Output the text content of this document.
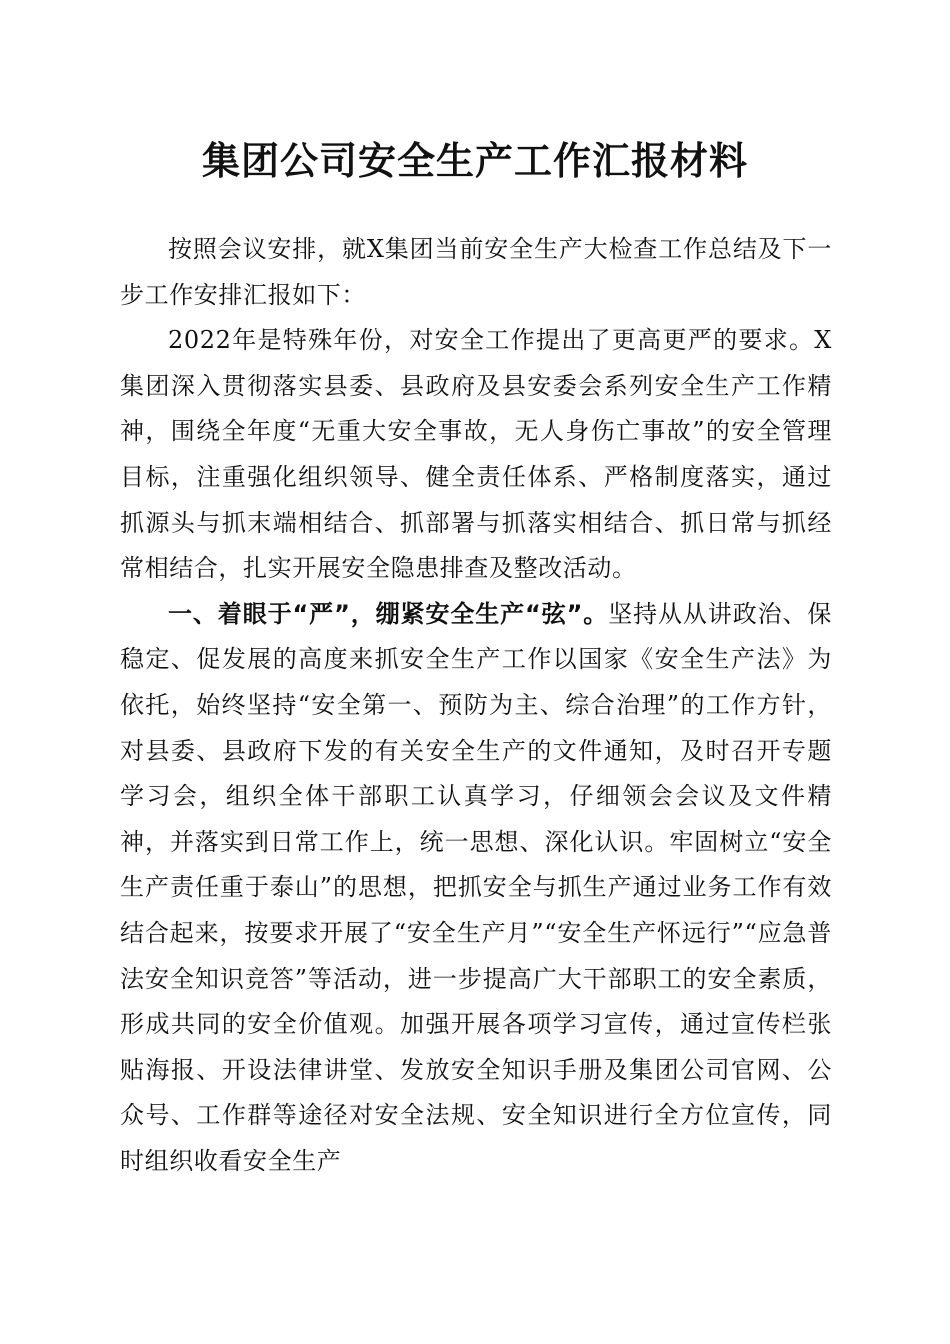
集团公司安全生产工作汇报材料

按照会议安排，就X集团当前安全生产大检查工作总结及下一步工作安排汇报如下：

2022年是特殊年份，对安全工作提出了更高更严的要求。X集团深入贯彻落实县委、县政府及县安委会系列安全生产工作精神，围绕全年度“无重大安全事故，无人身伤亡事故”的安全管理目标，注重强化组织领导、健全责任体系、严格制度落实，通过抓源头与抓末端相结合、抓部署与抓落实相结合、抓日常与抓经常相结合，扎实开展安全隐患排查及整改活动。

一、着眼于“严”，绷紧安全生产“弦”。坚持从从讲政治、保稳定、促发展的高度来抓安全生产工作以国家《安全生产法》为依托，始终坚持“安全第一、预防为主、综合治理”的工作方针，对县委、县政府下发的有关安全生产的文件通知，及时召开专题学习会，组织全体干部职工认真学习，仔细领会会议及文件精神，并落实到日常工作上，统一思想、深化认识。牢固树立“安全生产责任重于泰山”的思想，把抓安全与抓生产通过业务工作有效结合起来，按要求开展了“安全生产月”“安全生产怀远行”“应急普法安全知识竞答”等活动，进一步提高广大干部职工的安全素质，形成共同的安全价值观。加强开展各项学习宣传，通过宣传栏张贴海报、开设法律讲堂、发放安全知识手册及集团公司官网、公众号、工作群等途径对安全法规、安全知识进行全方位宣传，同时组织收看安全生产
